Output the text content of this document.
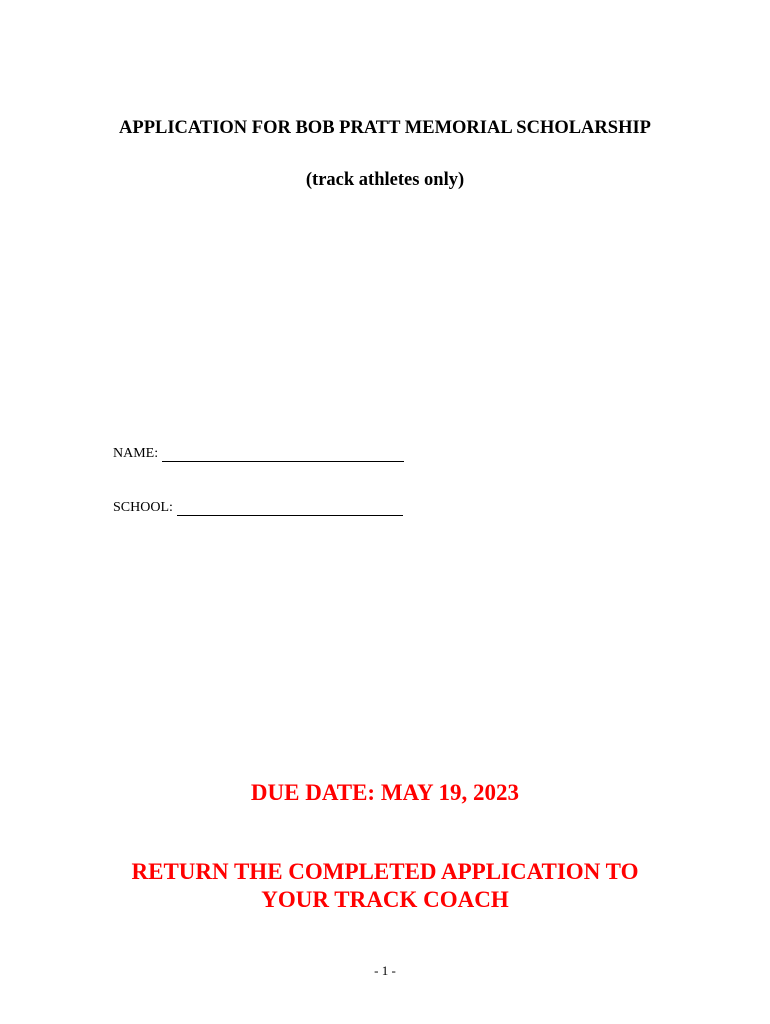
APPLICATION FOR BOB PRATT MEMORIAL SCHOLARSHIP
(track athletes only)
NAME:
SCHOOL:
DUE DATE: MAY 19, 2023
RETURN THE COMPLETED APPLICATION TO YOUR TRACK COACH
- 1 -
